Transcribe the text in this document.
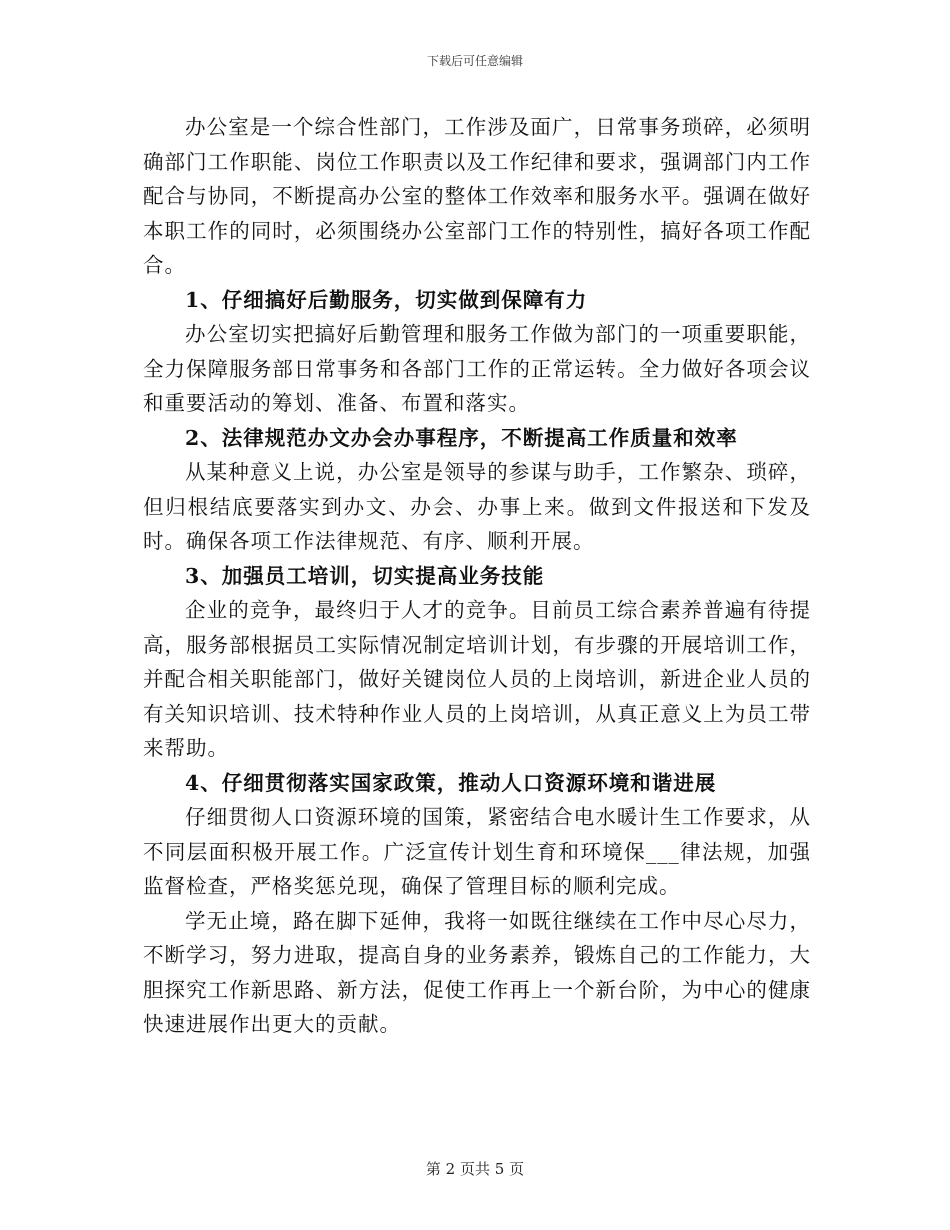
下载后可任意编辑

办公室是一个综合性部门，工作涉及面广，日常事务琐碎，必须明确部门工作职能、岗位工作职责以及工作纪律和要求，强调部门内工作配合与协同，不断提高办公室的整体工作效率和服务水平。强调在做好本职工作的同时，必须围绕办公室部门工作的特别性，搞好各项工作配合。

1、仔细搞好后勤服务，切实做到保障有力

办公室切实把搞好后勤管理和服务工作做为部门的一项重要职能，全力保障服务部日常事务和各部门工作的正常运转。全力做好各项会议和重要活动的筹划、准备、布置和落实。

2、法律规范办文办会办事程序，不断提高工作质量和效率

从某种意义上说，办公室是领导的参谋与助手，工作繁杂、琐碎，但归根结底要落实到办文、办会、办事上来。做到文件报送和下发及时。确保各项工作法律规范、有序、顺利开展。

3、加强员工培训，切实提高业务技能

企业的竞争，最终归于人才的竞争。目前员工综合素养普遍有待提高，服务部根据员工实际情况制定培训计划，有步骤的开展培训工作，并配合相关职能部门，做好关键岗位人员的上岗培训，新进企业人员的有关知识培训、技术特种作业人员的上岗培训，从真正意义上为员工带来帮助。

4、仔细贯彻落实国家政策，推动人口资源环境和谐进展

仔细贯彻人口资源环境的国策，紧密结合电水暖计生工作要求，从不同层面积极开展工作。广泛宣传计划生育和环境保___律法规，加强监督检查，严格奖惩兑现，确保了管理目标的顺利完成。

学无止境，路在脚下延伸，我将一如既往继续在工作中尽心尽力，不断学习，努力进取，提高自身的业务素养，锻炼自己的工作能力，大胆探究工作新思路、新方法，促使工作再上一个新台阶，为中心的健康快速进展作出更大的贡献。

第 2 页共 5 页
